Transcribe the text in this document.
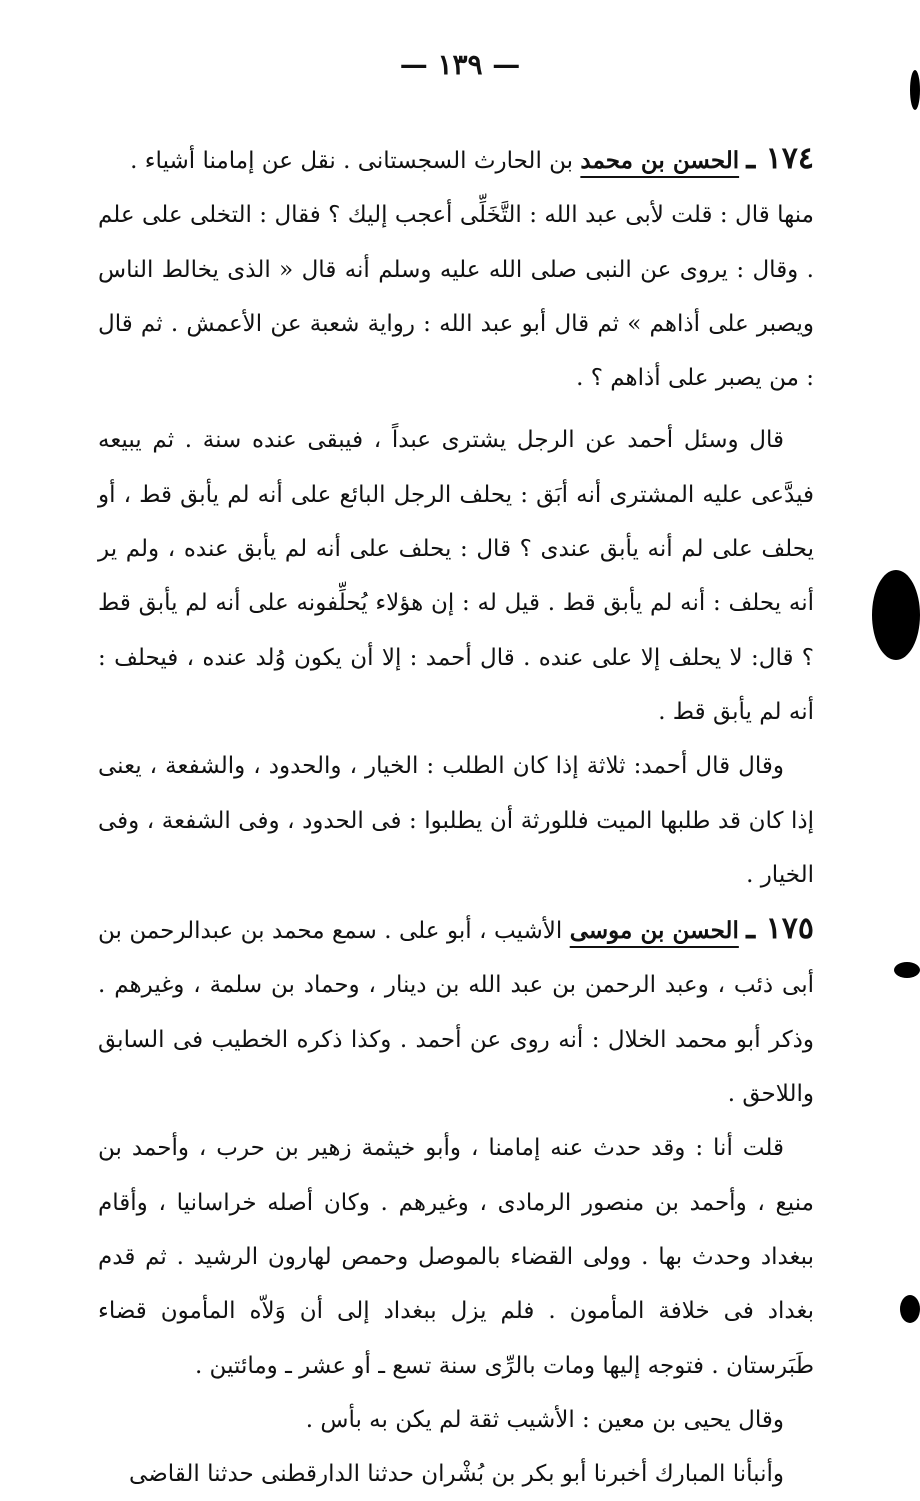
— ١٣٩ —

١٧٤ ـ الحسن بن محمد بن الحارث السجستانى . نقل عن إمامنا أشياء .

منها قال : قلت لأبى عبد الله : التَّخَلِّى أعجب إليك ؟ فقال : التخلى على علم . وقال : يروى عن النبى صلى الله عليه وسلم أنه قال « الذى يخالط الناس ويصبر على أذاهم » ثم قال أبو عبد الله : رواية شعبة عن الأعمش . ثم قال : من يصبر على أذاهم ؟ .

قال وسئل أحمد عن الرجل يشترى عبداً ، فيبقى عنده سنة . ثم يبيعه فيدَّعى عليه المشترى أنه أبَق : يحلف الرجل البائع على أنه لم يأبق قط ، أو يحلف على لم أنه يأبق عندى ؟ قال : يحلف على أنه لم يأبق عنده ، ولم ير أنه يحلف : أنه لم يأبق قط . قيل له : إن هؤلاء يُحلِّفونه على أنه لم يأبق قط ؟ قال: لا يحلف إلا على عنده . قال أحمد : إلا أن يكون وُلد عنده ، فيحلف : أنه لم يأبق قط .

وقال قال أحمد: ثلاثة إذا كان الطلب : الخيار ، والحدود ، والشفعة ، يعنى إذا كان قد طلبها الميت فللورثة أن يطلبوا : فى الحدود ، وفى الشفعة ، وفى الخيار .

١٧٥ ـ الحسن بن موسى الأشيب ، أبو على . سمع محمد بن عبدالرحمن بن أبى ذئب ، وعبد الرحمن بن عبد الله بن دينار ، وحماد بن سلمة ، وغيرهم . وذكر أبو محمد الخلال : أنه روى عن أحمد . وكذا ذكره الخطيب فى السابق واللاحق .

قلت أنا : وقد حدث عنه إمامنا ، وأبو خيثمة زهير بن حرب ، وأحمد بن منيع ، وأحمد بن منصور الرمادى ، وغيرهم . وكان أصله خراسانيا ، وأقام ببغداد وحدث بها . وولى القضاء بالموصل وحمص لهارون الرشيد . ثم قدم بغداد فى خلافة المأمون . فلم يزل ببغداد إلى أن وَلاّه المأمون قضاء طَبَرستان . فتوجه إليها ومات بالرِّى سنة تسع ـ أو عشر ـ ومائتين .

وقال يحيى بن معين : الأشيب ثقة لم يكن به بأس .

وأنبأنا المبارك أخبرنا أبو بكر بن بُشْران حدثنا الدارقطنى حدثنا القاضى
